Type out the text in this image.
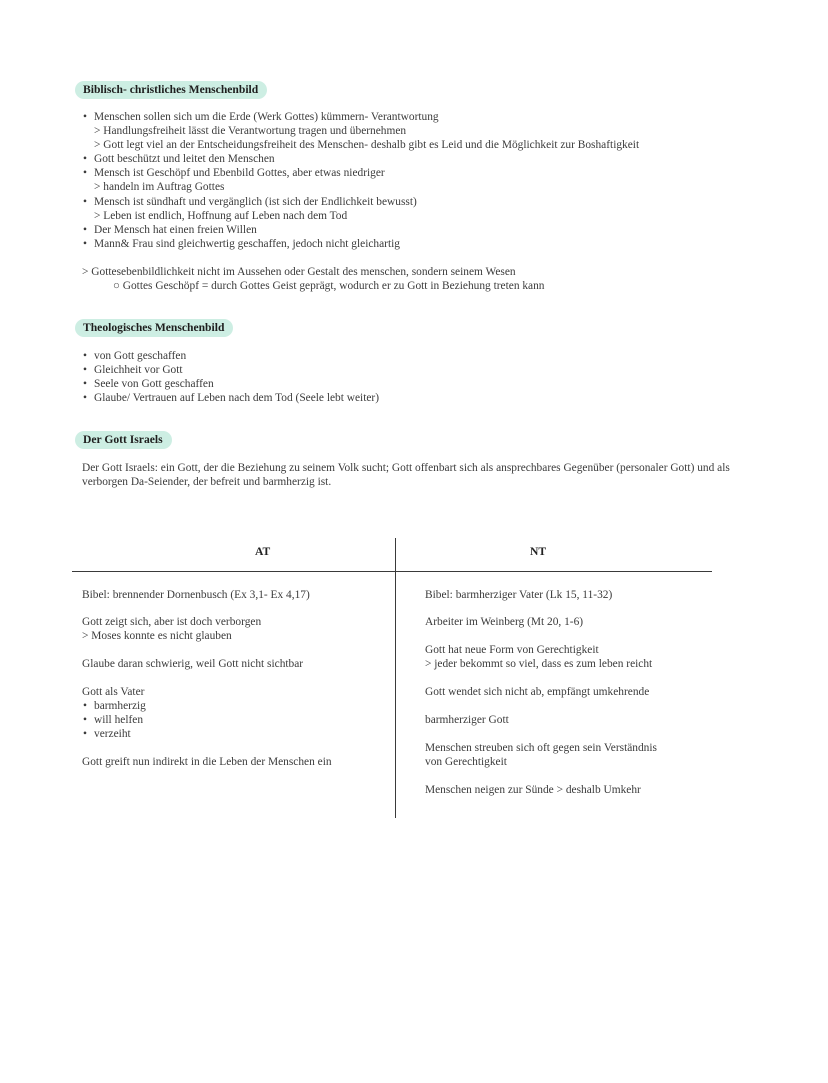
Biblisch- christliches Menschenbild
• Menschen sollen sich um die Erde (Werk Gottes) kümmern- Verantwortung
> Handlungsfreiheit lässt die Verantwortung tragen und übernehmen
> Gott legt viel an der Entscheidungsfreiheit des Menschen- deshalb gibt es Leid und die Möglichkeit zur Boshaftigkeit
• Gott beschützt und leitet den Menschen
• Mensch ist Geschöpf und Ebenbild Gottes, aber etwas niedriger
> handeln im Auftrag Gottes
• Mensch ist sündhaft und vergänglich (ist sich der Endlichkeit bewusst)
> Leben ist endlich, Hoffnung auf Leben nach dem Tod
• Der Mensch hat einen freien Willen
• Mann& Frau sind gleichwertig geschaffen, jedoch nicht gleichartig
> Gottesebenbildlichkeit nicht im Aussehen oder Gestalt des menschen, sondern seinem Wesen
○ Gottes Geschöpf = durch Gottes Geist geprägt, wodurch er zu Gott in Beziehung treten kann
Theologisches Menschenbild
• von Gott geschaffen
• Gleichheit vor Gott
• Seele von Gott geschaffen
• Glaube/ Vertrauen auf Leben nach dem Tod (Seele lebt weiter)
Der Gott Israels
Der Gott Israels: ein Gott, der die Beziehung zu seinem Volk sucht; Gott offenbart sich als ansprechbares Gegenüber (personaler Gott) und als verborgen Da-Seiender, der befreit und barmherzig ist.
AT	NT
Bibel: brennender Dornenbusch (Ex 3,1- Ex 4,17)
Gott zeigt sich, aber ist doch verborgen
> Moses konnte es nicht glauben
Glaube daran schwierig, weil Gott nicht sichtbar
Gott als Vater
• barmherzig
• will helfen
• verzeiht
Gott greift nun indirekt in die Leben der Menschen ein
Bibel: barmherziger Vater (Lk 15, 11-32)
Arbeiter im Weinberg (Mt 20, 1-6)
Gott hat neue Form von Gerechtigkeit
> jeder bekommt so viel, dass es zum leben reicht
Gott wendet sich nicht ab, empfängt umkehrende
barmherziger Gott
Menschen streuben sich oft gegen sein Verständnis
von Gerechtigkeit
Menschen neigen zur Sünde > deshalb Umkehr
